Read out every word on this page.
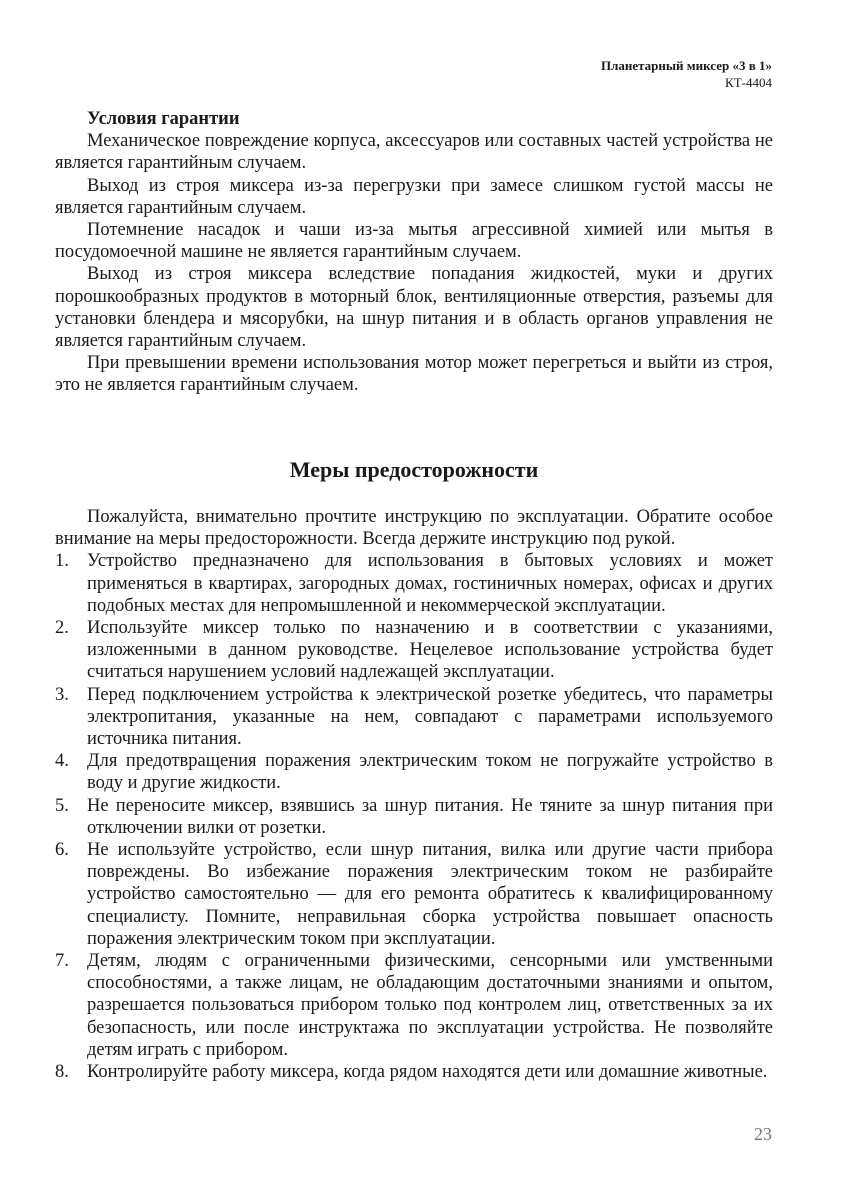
Планетарный миксер «3 в 1»
КТ-4404

Условия гарантии

Механическое повреждение корпуса, аксессуаров или составных частей устройства не является гарантийным случаем.

Выход из строя миксера из-за перегрузки при замесе слишком густой массы не является гарантийным случаем.

Потемнение насадок и чаши из-за мытья агрессивной химией или мытья в посудомоечной машине не является гарантийным случаем.

Выход из строя миксера вследствие попадания жидкостей, муки и других порошкообразных продуктов в моторный блок, вентиляционные отверстия, разъемы для установки блендера и мясорубки, на шнур питания и в область органов управления не является гарантийным случаем.

При превышении времени использования мотор может перегреться и выйти из строя, это не является гарантийным случаем.

Меры предосторожности

Пожалуйста, внимательно прочтите инструкцию по эксплуатации. Обратите особое внимание на меры предосторожности. Всегда держите инструкцию под рукой.

1. Устройство предназначено для использования в бытовых условиях и может применяться в квартирах, загородных домах, гостиничных номерах, офисах и других подобных местах для непромышленной и некоммерческой эксплуатации.
2. Используйте миксер только по назначению и в соответствии с указаниями, изложенными в данном руководстве. Нецелевое использование устройства будет считаться нарушением условий надлежащей эксплуатации.
3. Перед подключением устройства к электрической розетке убедитесь, что параметры электропитания, указанные на нем, совпадают с параметрами используемого источника питания.
4. Для предотвращения поражения электрическим током не погружайте устройство в воду и другие жидкости.
5. Не переносите миксер, взявшись за шнур питания. Не тяните за шнур питания при отключении вилки от розетки.
6. Не используйте устройство, если шнур питания, вилка или другие части прибора повреждены. Во избежание поражения электрическим током не разбирайте устройство самостоятельно — для его ремонта обратитесь к квалифицированному специалисту. Помните, неправильная сборка устройства повышает опасность поражения электрическим током при эксплуатации.
7. Детям, людям с ограниченными физическими, сенсорными или умственными способностями, а также лицам, не обладающим достаточными знаниями и опытом, разрешается пользоваться прибором только под контролем лиц, ответственных за их безопасность, или после инструктажа по эксплуатации устройства. Не позволяйте детям играть с прибором.
8. Контролируйте работу миксера, когда рядом находятся дети или домашние животные.
23
